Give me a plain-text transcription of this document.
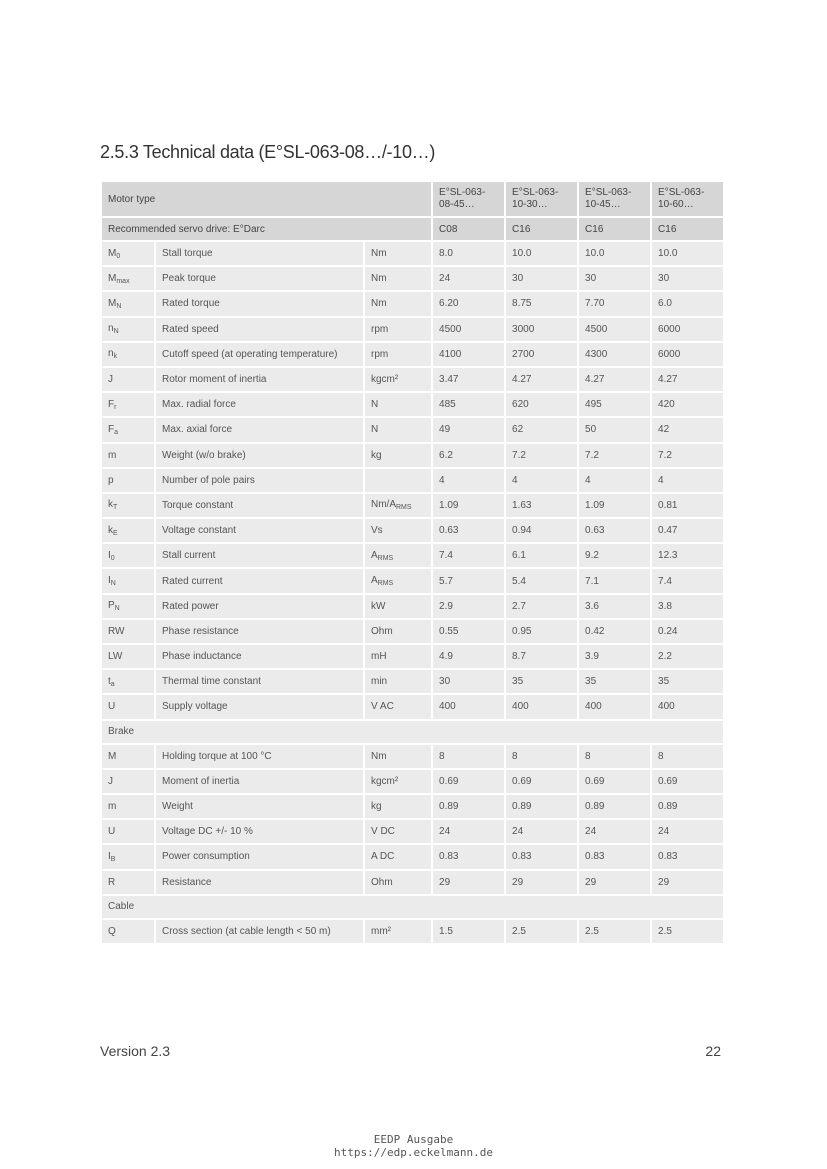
2.5.3 Technical data (E°SL-063-08…/-10…)
Motor type			E°SL-063-08-45…	E°SL-063-10-30…	E°SL-063-10-45…	E°SL-063-10-60…
Recommended servo drive: E°Darc			C08	C16	C16	C16
$M_0$	Stall torque	Nm	8.0	10.0	10.0	10.0
$M_{max}$	Peak torque	Nm	24	30	30	30
$M_N$	Rated torque	Nm	6.20	8.75	7.70	6.0
$n_N$	Rated speed	rpm	4500	3000	4500	6000
$n_k$	Cutoff speed (at operating temperature)	rpm	4100	2700	4300	6000
J	Rotor moment of inertia	kgcm²	3.47	4.27	4.27	4.27
$F_r$	Max. radial force	N	485	620	495	420
$F_a$	Max. axial force	N	49	62	50	42
m	Weight (w/o brake)	kg	6.2	7.2	7.2	7.2
p	Number of pole pairs		4	4	4	4
$k_T$	Torque constant	$Nm/A_{RMS}$	1.09	1.63	1.09	0.81
$k_E$	Voltage constant	Vs	0.63	0.94	0.63	0.47
$I_0$	Stall current	$A_{RMS}$	7.4	6.1	9.2	12.3
$I_N$	Rated current	$A_{RMS}$	5.7	5.4	7.1	7.4
$P_N$	Rated power	kW	2.9	2.7	3.6	3.8
RW	Phase resistance	Ohm	0.55	0.95	0.42	0.24
LW	Phase inductance	mH	4.9	8.7	3.9	2.2
$t_a$	Thermal time constant	min	30	35	35	35
U	Supply voltage	V AC	400	400	400	400
Brake						
M	Holding torque at 100 °C	Nm	8	8	8	8
J	Moment of inertia	kgcm²	0.69	0.69	0.69	0.69
m	Weight	kg	0.89	0.89	0.89	0.89
U	Voltage DC +/- 10 %	V DC	24	24	24	24
$I_B$	Power consumption	A DC	0.83	0.83	0.83	0.83
R	Resistance	Ohm	29	29	29	29
Cable						
Q	Cross section (at cable length < 50 m)	mm²	1.5	2.5	2.5	2.5
Version 2.3	22
EEDP Ausgabe
https://edp.eckelmann.de
